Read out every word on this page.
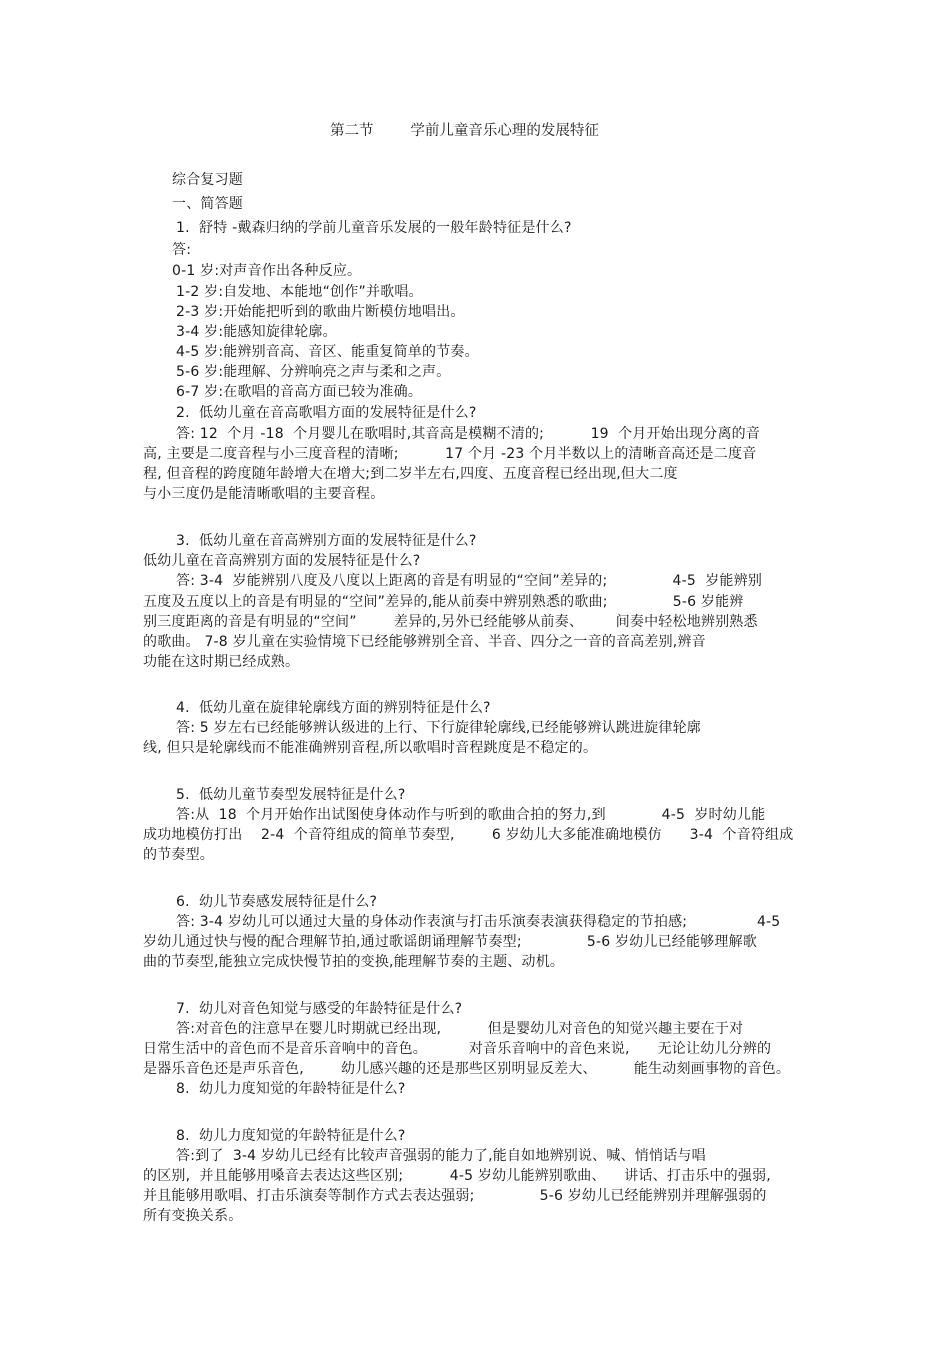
第二节        学前儿童音乐心理的发展特征
综合复习题
一、简答题
1.  舒特 -戴森归纳的学前儿童音乐发展的一般年龄特征是什么?
答:
0-1 岁:对声音作出各种反应。
1-2 岁:自发地、本能地“创作”并歌唱。
2-3 岁:开始能把听到的歌曲片断模仿地唱出。
3-4 岁:能感知旋律轮廓。
4-5 岁:能辨别音高、音区、能重复简单的节奏。
5-6 岁:能理解、分辨响亮之声与柔和之声。
6-7 岁:在歌唱的音高方面已较为准确。
2.  低幼儿童在音高歌唱方面的发展特征是什么?
答: 12  个月 -18  个月婴儿在歌唱时,其音高是模糊不清的;          19  个月开始出现分离的音
高, 主要是二度音程与小三度音程的清晰;          17 个月 -23 个月半数以上的清晰音高还是二度音
程, 但音程的跨度随年龄增大在增大;到二岁半左右,四度、五度音程已经出现,但大二度
与小三度仍是能清晰歌唱的主要音程。
3.  低幼儿童在音高辨别方面的发展特征是什么?
低幼儿童在音高辨别方面的发展特征是什么?
答: 3-4  岁能辨别八度及八度以上距离的音是有明显的“空间”差异的;              4-5  岁能辨别
五度及五度以上的音是有明显的“空间”差异的,能从前奏中辨别熟悉的歌曲;              5-6 岁能辨
别三度距离的音是有明显的“空间”        差异的,另外已经能够从前奏、       间奏中轻松地辨别熟悉
的歌曲。 7-8 岁儿童在实验情境下已经能够辨别全音、半音、四分之一音的音高差别,辨音
功能在这时期已经成熟。
4.  低幼儿童在旋律轮廓线方面的辨别特征是什么?
答: 5 岁左右已经能够辨认级进的上行、下行旋律轮廓线,已经能够辨认跳进旋律轮廓
线, 但只是轮廓线而不能准确辨别音程,所以歌唱时音程跳度是不稳定的。
5.  低幼儿童节奏型发展特征是什么?
答:从  18  个月开始作出试图使身体动作与听到的歌曲合拍的努力,到            4-5  岁时幼儿能
成功地模仿打出    2-4  个音符组成的简单节奏型,        6 岁幼儿大多能准确地模仿      3-4  个音符组成
的节奏型。
6.  幼儿节奏感发展特征是什么?
答: 3-4 岁幼儿可以通过大量的身体动作表演与打击乐演奏表演获得稳定的节拍感;               4-5
岁幼儿通过快与慢的配合理解节拍,通过歌谣朗诵理解节奏型;              5-6 岁幼儿已经能够理解歌
曲的节奏型,能独立完成快慢节拍的变换,能理解节奏的主题、动机。
7.  幼儿对音色知觉与感受的年龄特征是什么?
答:对音色的注意早在婴儿时期就已经出现,          但是婴幼儿对音色的知觉兴趣主要在于对
日常生活中的音色而不是音乐音响中的音色。         对音乐音响中的音色来说,      无论让幼儿分辨的
是器乐音色还是声乐音色,        幼儿感兴趣的还是那些区别明显反差大、        能生动刻画事物的音色。
8.  幼儿力度知觉的年龄特征是什么?
8.  幼儿力度知觉的年龄特征是什么?
答:到了  3-4 岁幼儿已经有比较声音强弱的能力了,能自如地辨别说、喊、悄悄话与唱
的区别,  并且能够用嗓音去表达这些区别;          4-5 岁幼儿能辨别歌曲、    讲话、打击乐中的强弱,
并且能够用歌唱、打击乐演奏等制作方式去表达强弱;              5-6 岁幼儿已经能辨别并理解强弱的
所有变换关系。
